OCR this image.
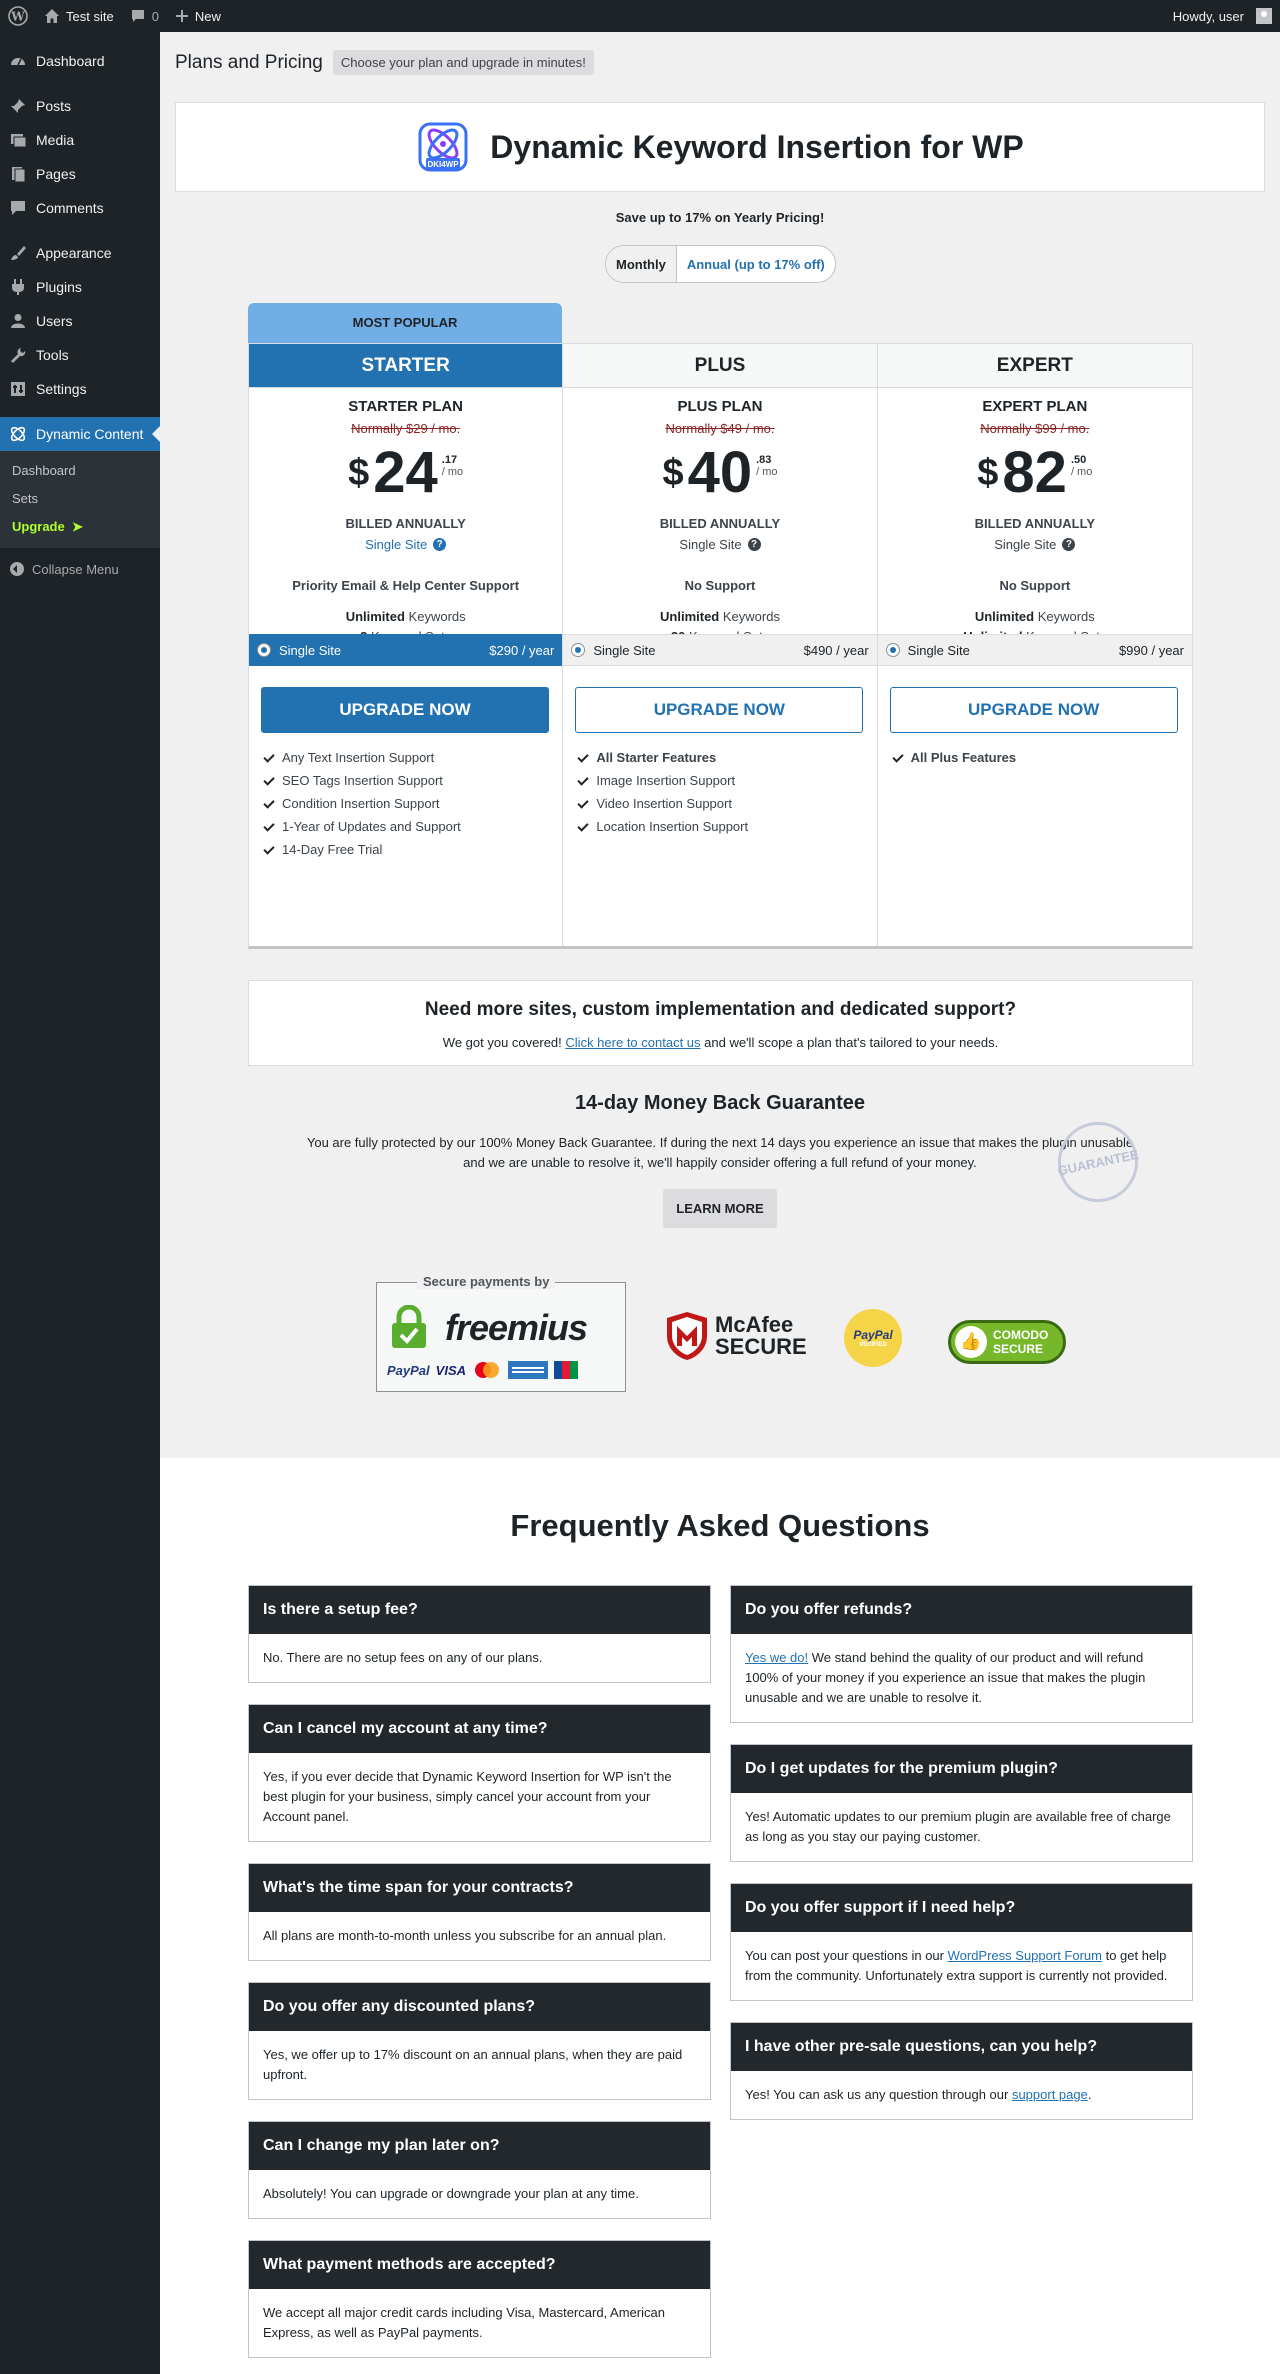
W	Test site	0	New	Howdy, user
Dashboard
Posts
Media
Pages
Comments
Appearance
Plugins
Users
Tools
Settings
Dynamic Content
Dashboard
Sets
Upgrade ➤
Collapse Menu
Plans and Pricing	Choose your plan and upgrade in minutes!
DKI4WP Dynamic Keyword Insertion for WP
Save up to 17% on Yearly Pricing!
Monthly	Annual (up to 17% off)
MOST POPULAR
STARTER
STARTER PLAN
Normally $29 / mo.
$ 24 .17
/ mo
BILLED ANNUALLY
Single Site ?
Priority Email & Help Center Support
Unlimited Keywords
Single Site	$290 / year
UPGRADE NOW
Any Text Insertion Support
SEO Tags Insertion Support
Condition Insertion Support
1-Year of Updates and Support
14-Day Free Trial
PLUS
PLUS PLAN
Normally $49 / mo.
$ 40 .83
/ mo
BILLED ANNUALLY
Single Site ?
No Support
Unlimited Keywords
Single Site	$490 / year
UPGRADE NOW
All Starter Features
Image Insertion Support
Video Insertion Support
Location Insertion Support
EXPERT
EXPERT PLAN
Normally $99 / mo.
$ 82 .50
/ mo
BILLED ANNUALLY
Single Site ?
No Support
Unlimited Keywords
Single Site	$990 / year
UPGRADE NOW
All Plus Features
Need more sites, custom implementation and dedicated support?

We got you covered! Click here to contact us and we'll scope a plan that's tailored to your needs.

14-day Money Back Guarantee

You are fully protected by our 100% Money Back Guarantee. If during the next 14 days you experience an issue that makes the plugin unusable and we are unable to resolve it, we'll happily consider offering a full refund of your money.

LEARN MORE
GUARANTEE
Secure payments by
freemius
PayPal VISA
McAfee
SECURE	PayPal
VERIFIED	👍 COMODO
SECURE
Frequently Asked Questions
Is there a setup fee?
No. There are no setup fees on any of our plans.
Can I cancel my account at any time?
Yes, if you ever decide that Dynamic Keyword Insertion for WP isn't the best plugin for your business, simply cancel your account from your Account panel.
What's the time span for your contracts?
All plans are month-to-month unless you subscribe for an annual plan.
Do you offer any discounted plans?
Yes, we offer up to 17% discount on an annual plans, when they are paid upfront.
Can I change my plan later on?
Absolutely! You can upgrade or downgrade your plan at any time.
What payment methods are accepted?
We accept all major credit cards including Visa, Mastercard, American Express, as well as PayPal payments.
Do you offer refunds?
Yes we do! We stand behind the quality of our product and will refund 100% of your money if you experience an issue that makes the plugin unusable and we are unable to resolve it.
Do I get updates for the premium plugin?
Yes! Automatic updates to our premium plugin are available free of charge as long as you stay our paying customer.
Do you offer support if I need help?
You can post your questions in our WordPress Support Forum to get help from the community. Unfortunately extra support is currently not provided.
I have other pre-sale questions, can you help?
Yes! You can ask us any question through our support page.
